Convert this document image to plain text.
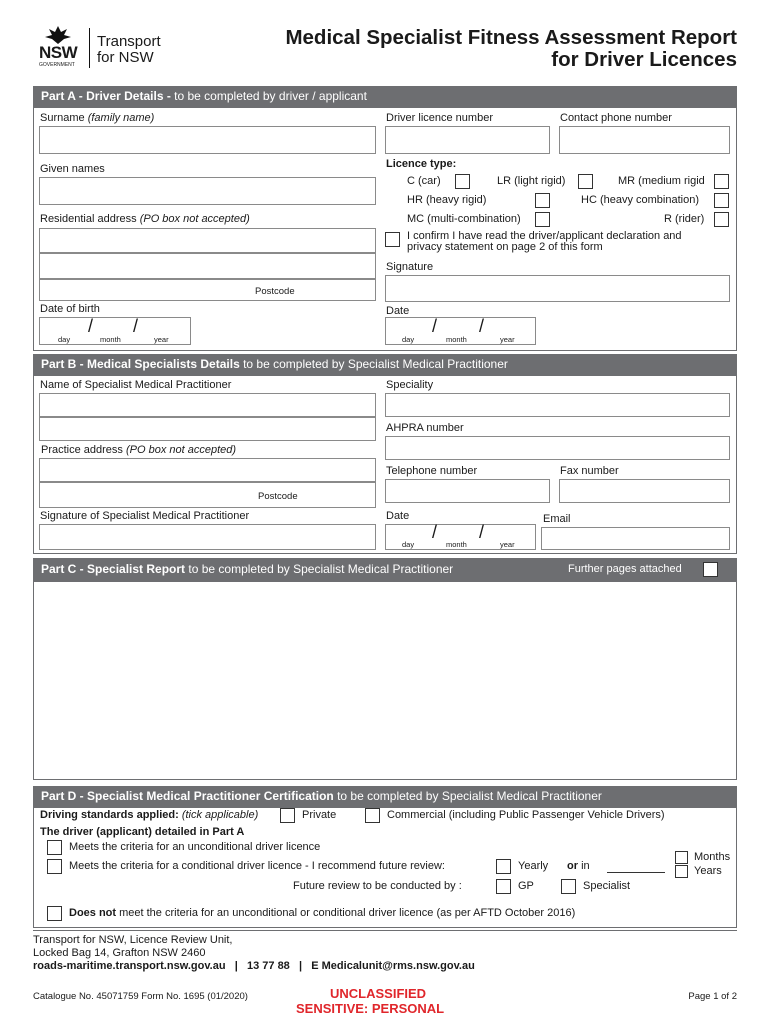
NSW
GOVERNMENT
Transport
for NSW
Medical Specialist Fitness Assessment Report
for Driver Licences
Part A - Driver Details - to be completed by driver / applicant
Surname (family name)	Driver licence number	Contact phone number
Given names	Licence type:
C (car)	LR (light rigid)	MR (medium rigid
HR (heavy rigid)	HC (heavy combination)
Residential address (PO box not accepted)	MC (multi-combination)	R (rider)
I confirm I have read the driver/applicant declaration and
privacy statement on page 2 of this form
Signature
Postcode
Date of birth
/ /
day	month	year
Date
/ /
day	month	year
Part B - Medical Specialists Details to be completed by Specialist Medical Practitioner
Name of Specialist Medical Practitioner	Speciality
AHPRA number
Practice address (PO box not accepted)
Postcode
Telephone number	Fax number
Signature of Specialist Medical Practitioner	Date
/ /
day	month	year
Email
Part C - Specialist Report to be completed by Specialist Medical Practitioner	Further pages attached
Part D - Specialist Medical Practitioner Certification to be completed by Specialist Medical Practitioner
Driving standards applied: (tick applicable)	Private	Commercial (including Public Passenger Vehicle Drivers)
The driver (applicant) detailed in Part A
Meets the criteria for an unconditional driver licence
Meets the criteria for a conditional driver licence - I recommend future review:	Yearly or in
Months
Years
Future review to be conducted by :	GP	Specialist
Does not meet the criteria for an unconditional or conditional driver licence (as per AFTD October 2016)
Transport for NSW, Licence Review Unit,
Locked Bag 14, Grafton NSW 2460
roads-maritime.transport.nsw.gov.au   |   13 77 88   |   E Medicalunit@rms.nsw.gov.au
Catalogue No. 45071759 Form No. 1695 (01/2020)	UNCLASSIFIED
SENSITIVE: PERSONAL
Page 1 of 2
